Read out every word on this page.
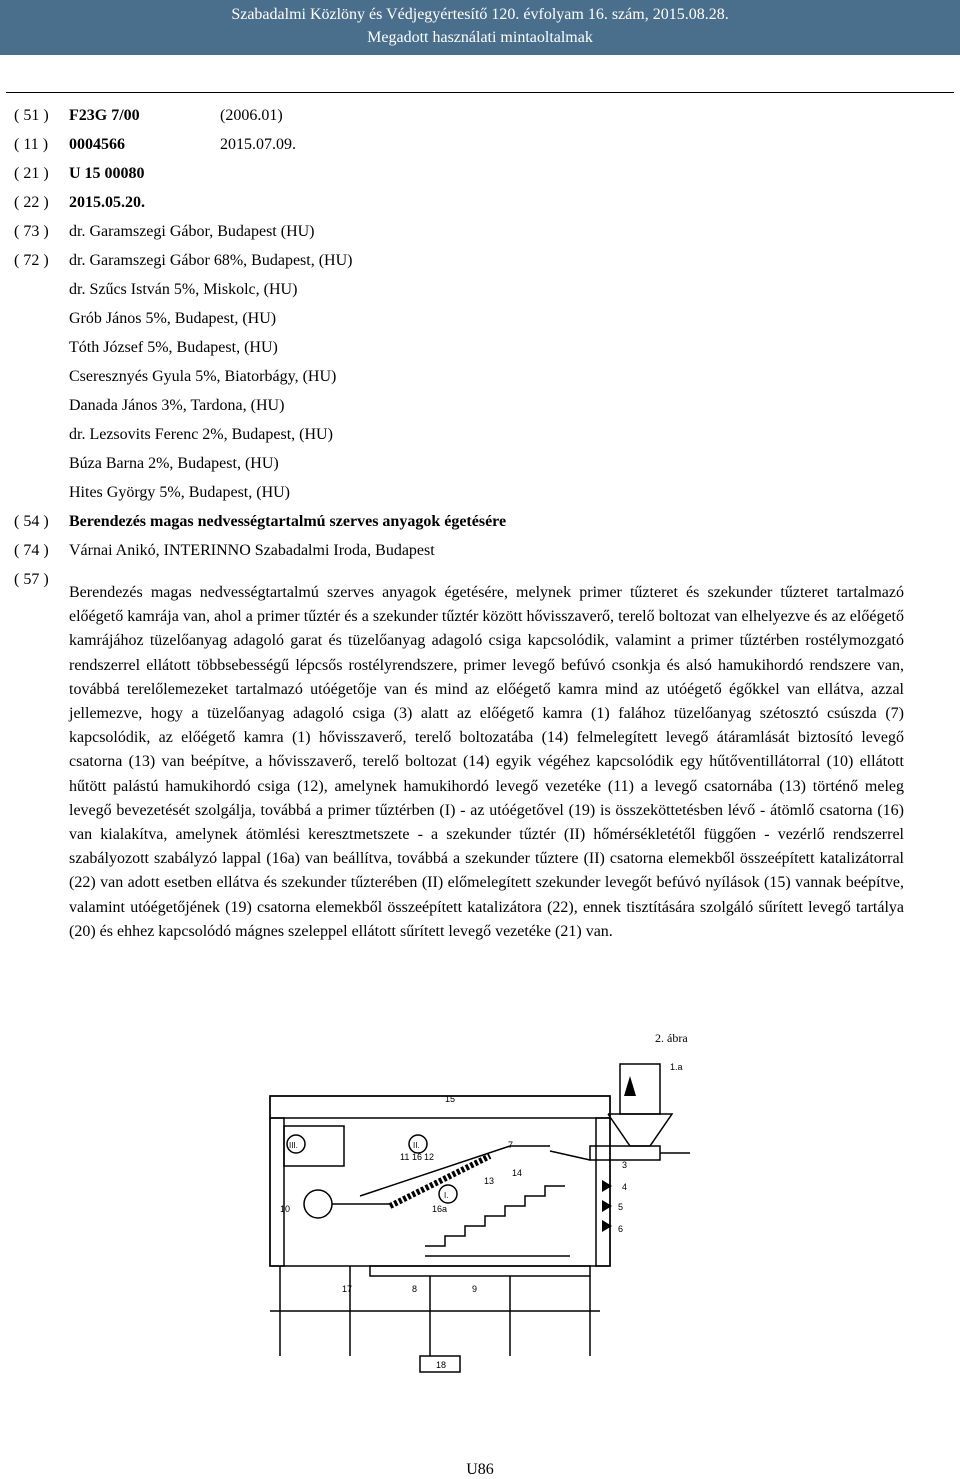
Szabadalmi Közlöny és Védjegyértesítő 120. évfolyam 16. szám, 2015.08.28.
Megadott használati mintaoltalmak
( 51 )	F23G 7/00	(2006.01)
( 11 )	0004566	2015.07.09.
( 21 )	U 15 00080
( 22 )	2015.05.20.
( 73 )	dr. Garamszegi Gábor, Budapest (HU)
( 72 )	dr. Garamszegi Gábor 68%, Budapest, (HU)
dr. Szűcs István 5%, Miskolc, (HU)
Grób János 5%, Budapest, (HU)
Tóth József 5%, Budapest, (HU)
Cseresznyés Gyula 5%, Biatorbágy, (HU)
Danada János 3%, Tardona, (HU)
dr. Lezsovits Ferenc 2%, Budapest, (HU)
Búza Barna 2%, Budapest, (HU)
Hites György 5%, Budapest, (HU)
( 54 )	Berendezés magas nedvességtartalmú szerves anyagok égetésére
( 74 )	Várnai Anikó, INTERINNO Szabadalmi Iroda, Budapest
( 57 )

Berendezés magas nedvességtartalmú szerves anyagok égetésére, melynek primer tűzteret és szekunder tűzteret tartalmazó előégető kamrája van, ahol a primer tűztér és a szekunder tűztér között hővisszaverő, terelő boltozat van elhelyezve és az előégető kamrájához tüzelőanyag adagoló garat és tüzelőanyag adagoló csiga kapcsolódik, valamint a primer tűztérben rostélymozgató rendszerrel ellátott többsebességű lépcsős rostélyrendszere, primer levegő befúvó csonkja és alsó hamukihordó rendszere van, továbbá terelőlemezeket tartalmazó utóégetője van és mind az előégető kamra mind az utóégető égőkkel van ellátva, azzal jellemezve, hogy a tüzelőanyag adagoló csiga (3) alatt az előégető kamra (1) falához tüzelőanyag szétosztó csúszda (7) kapcsolódik, az előégető kamra (1) hővisszaverő, terelő boltozatába (14) felmelegített levegő átáramlását biztosító levegő csatorna (13) van beépítve, a hővisszaverő, terelő boltozat (14) egyik végéhez kapcsolódik egy hűtőventillátorral (10) ellátott hűtött palástú hamukihordó csiga (12), amelynek hamukihordó levegő vezetéke (11) a levegő csatornába (13) történő meleg levegő bevezetését szolgálja, továbbá a primer tűztérben (I) - az utóégetővel (19) is összeköttetésben lévő - átömlő csatorna (16) van kialakítva, amelynek átömlési keresztmetszete - a szekunder tűztér (II) hőmérsékletétől függően - vezérlő rendszerrel szabályozott szabályzó lappal (16a) van beállítva, továbbá a szekunder tűztere (II) csatorna elemekből összeépített katalizátorral (22) van adott esetben ellátva és szekunder tűzterében (II) előmelegített szekunder levegőt befúvó nyílások (15) vannak beépítve, valamint utóégetőjének (19) csatorna elemekből összeépített katalizátora (22), ennek tisztítására szolgáló sűrített levegő tartálya (20) és ehhez kapcsolódó mágnes szeleppel ellátott sűrített levegő vezetéke (21) van.

2. ábra
1.a
15
III.	II.	7
11 16 12
14
3
4
13
I.
10	16a	5
6
17	8	9
18
U86
